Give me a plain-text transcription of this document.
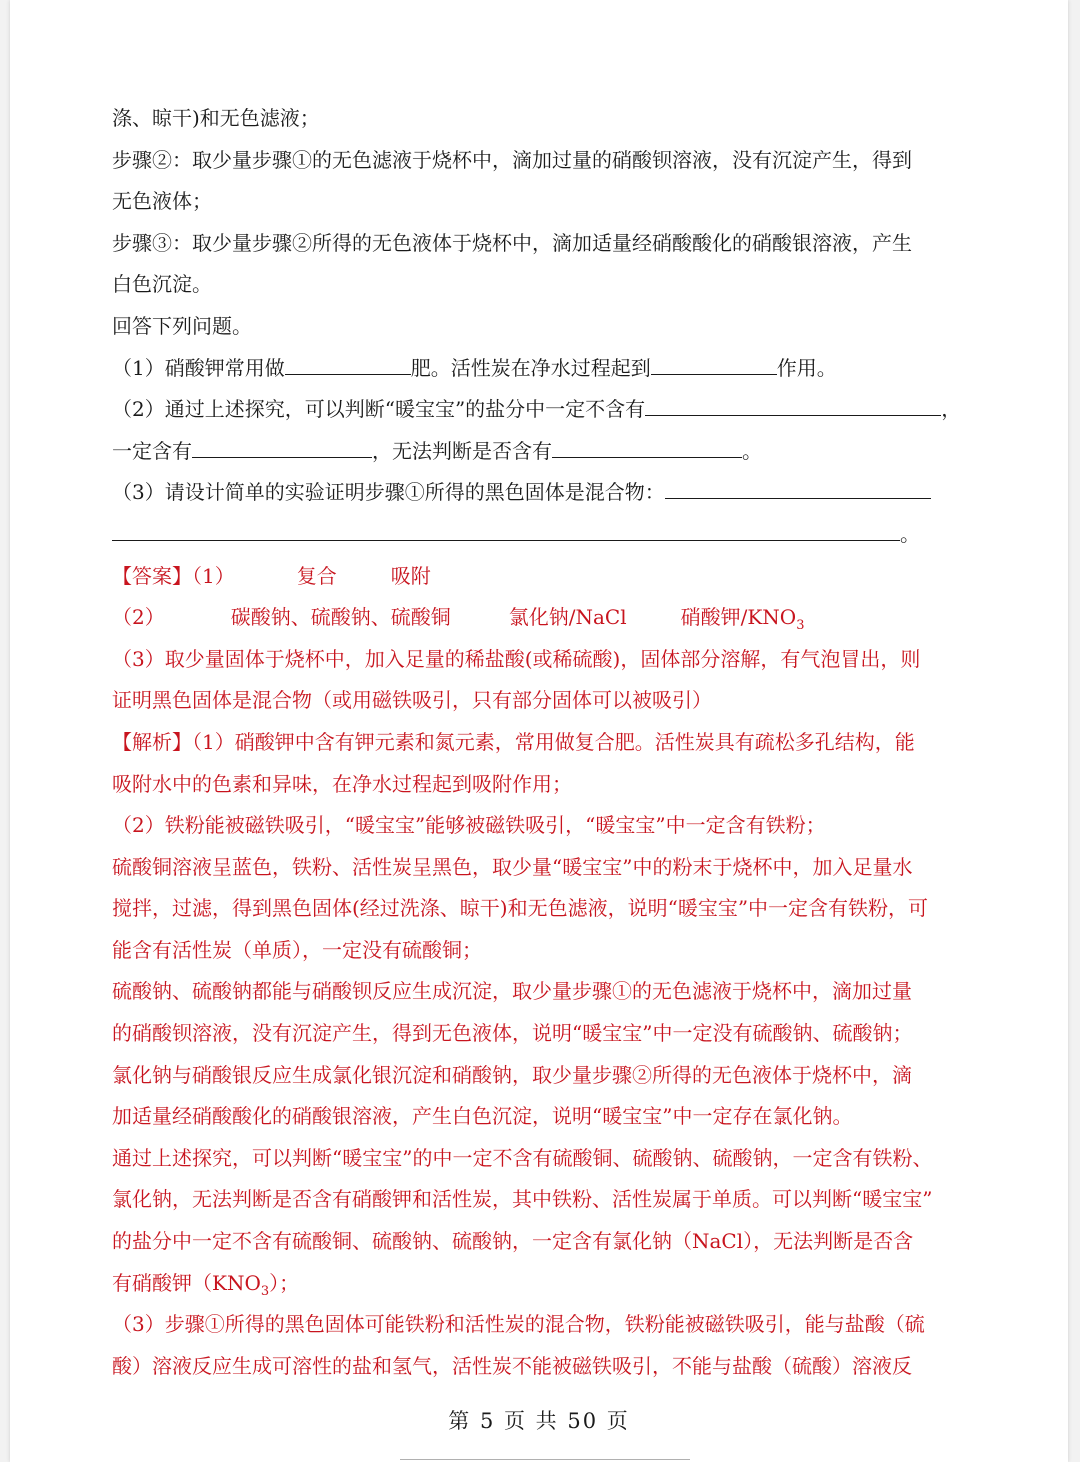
涤、晾干)和无色滤液；
步骤②：取少量步骤①的无色滤液于烧杯中，滴加过量的硝酸钡溶液，没有沉淀产生，得到
无色液体；
步骤③：取少量步骤②所得的无色液体于烧杯中，滴加适量经硝酸酸化的硝酸银溶液，产生
白色沉淀。
回答下列问题。
（1）硝酸钾常用做	肥。活性炭在净水过程起到	作用。
（2）通过上述探究，可以判断“暖宝宝”的盐分中一定不含有	，
一定含有	，无法判断是否含有	。
（3）请设计简单的实验证明步骤①所得的黑色固体是混合物：
。
【答案】（1）	复合	吸附
（2）	碳酸钠、硫酸钠、硫酸铜	氯化钠/NaCl	硝酸钾$/KNO_3$
（3）取少量固体于烧杯中，加入足量的稀盐酸(或稀硫酸)，固体部分溶解，有气泡冒出，则
证明黑色固体是混合物（或用磁铁吸引，只有部分固体可以被吸引）
【解析】（1）硝酸钾中含有钾元素和氮元素，常用做复合肥。活性炭具有疏松多孔结构，能
吸附水中的色素和异味，在净水过程起到吸附作用；
（2）铁粉能被磁铁吸引，“暖宝宝”能够被磁铁吸引，“暖宝宝”中一定含有铁粉；
硫酸铜溶液呈蓝色，铁粉、活性炭呈黑色，取少量“暖宝宝”中的粉末于烧杯中，加入足量水
搅拌，过滤，得到黑色固体(经过洗涤、晾干)和无色滤液，说明“暖宝宝”中一定含有铁粉，可
能含有活性炭（单质），一定没有硫酸铜；
硫酸钠、硫酸钠都能与硝酸钡反应生成沉淀，取少量步骤①的无色滤液于烧杯中，滴加过量
的硝酸钡溶液，没有沉淀产生，得到无色液体，说明“暖宝宝”中一定没有硫酸钠、硫酸钠；
氯化钠与硝酸银反应生成氯化银沉淀和硝酸钠，取少量步骤②所得的无色液体于烧杯中，滴
加适量经硝酸酸化的硝酸银溶液，产生白色沉淀，说明“暖宝宝”中一定存在氯化钠。
通过上述探究，可以判断“暖宝宝”的中一定不含有硫酸铜、硫酸钠、硫酸钠，一定含有铁粉、
氯化钠，无法判断是否含有硝酸钾和活性炭，其中铁粉、活性炭属于单质。可以判断“暖宝宝”
的盐分中一定不含有硫酸铜、硫酸钠、硫酸钠，一定含有氯化钠（NaCl），无法判断是否含
有硝酸钾$(KNO_3)$；
（3）步骤①所得的黑色固体可能铁粉和活性炭的混合物，铁粉能被磁铁吸引，能与盐酸（硫
酸）溶液反应生成可溶性的盐和氢气，活性炭不能被磁铁吸引，不能与盐酸（硫酸）溶液反
第 5 页 共 50 页
